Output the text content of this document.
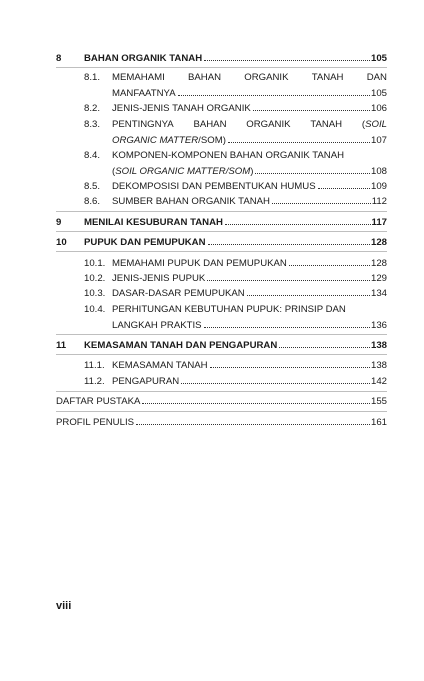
8 BAHAN ORGANIK TANAH	105
8.1. MEMAHAMI BAHAN ORGANIK TANAH DAN
MANFAATNYA	105
8.2. JENIS-JENIS TANAH ORGANIK	106
8.3. PENTINGNYA BAHAN ORGANIK TANAH (SOIL
ORGANIC MATTER/SOM)	107
8.4. KOMPONEN-KOMPONEN BAHAN ORGANIK TANAH
(SOIL ORGANIC MATTER/SOM)	108
8.5. DEKOMPOSISI DAN PEMBENTUKAN HUMUS	109
8.6. SUMBER BAHAN ORGANIK TANAH	112
9 MENILAI KESUBURAN TANAH	117
10 PUPUK DAN PEMUPUKAN	128
10.1. MEMAHAMI PUPUK DAN PEMUPUKAN	128
10.2. JENIS-JENIS PUPUK	129
10.3. DASAR-DASAR PEMUPUKAN	134
10.4. PERHITUNGAN KEBUTUHAN PUPUK: PRINSIP DAN
LANGKAH PRAKTIS	136
11 KEMASAMAN TANAH DAN PENGAPURAN	138
11.1. KEMASAMAN TANAH	138
11.2. PENGAPURAN	142
DAFTAR PUSTAKA	155
PROFIL PENULIS	161
viii
